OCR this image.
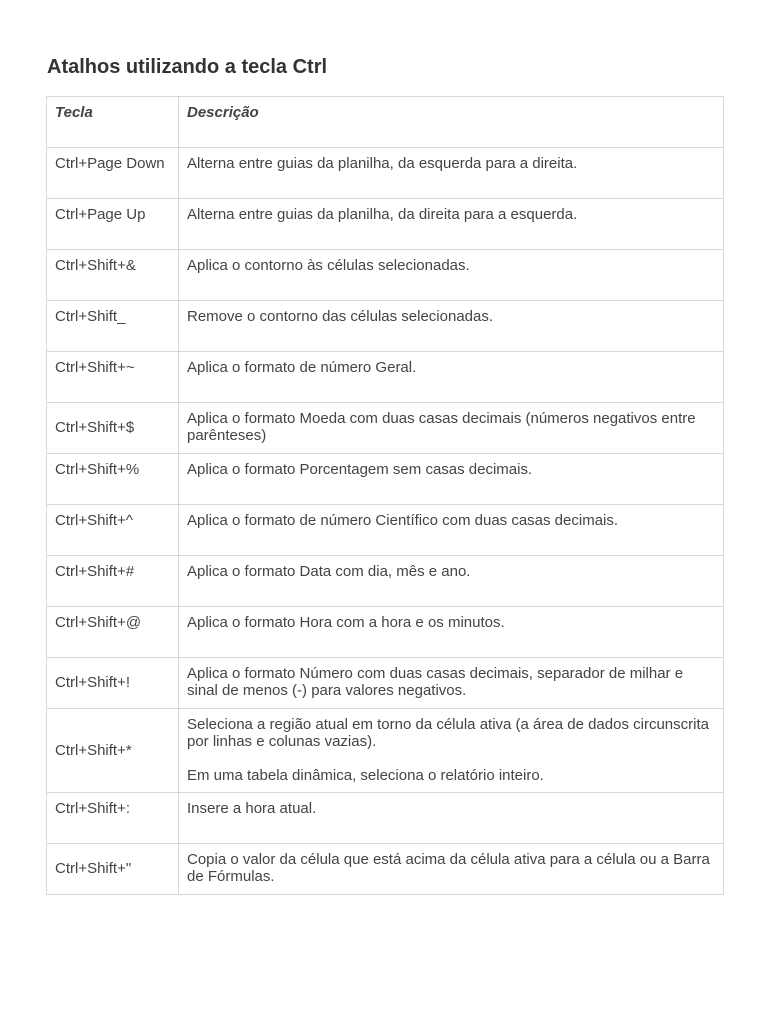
Atalhos utilizando a tecla Ctrl
Tecla	Descrição
Ctrl+Page Down	Alterna entre guias da planilha, da esquerda para a direita.
Ctrl+Page Up	Alterna entre guias da planilha, da direita para a esquerda.
Ctrl+Shift+&	Aplica o contorno às células selecionadas.
Ctrl+Shift_	Remove o contorno das células selecionadas.
Ctrl+Shift+~	Aplica o formato de número Geral.
Ctrl+Shift+$	Aplica o formato Moeda com duas casas decimais (números negativos entre parênteses)
Ctrl+Shift+%	Aplica o formato Porcentagem sem casas decimais.
Ctrl+Shift+^	Aplica o formato de número Científico com duas casas decimais.
Ctrl+Shift+#	Aplica o formato Data com dia, mês e ano.
Ctrl+Shift+@	Aplica o formato Hora com a hora e os minutos.
Ctrl+Shift+!	Aplica o formato Número com duas casas decimais, separador de milhar e sinal de menos (-) para valores negativos.
Ctrl+Shift+*	Seleciona a região atual em torno da célula ativa (a área de dados circunscrita por linhas e colunas vazias).
Em uma tabela dinâmica, seleciona o relatório inteiro.

Ctrl+Shift+:	Insere a hora atual.
Ctrl+Shift+"	Copia o valor da célula que está acima da célula ativa para a célula ou a Barra de Fórmulas.
